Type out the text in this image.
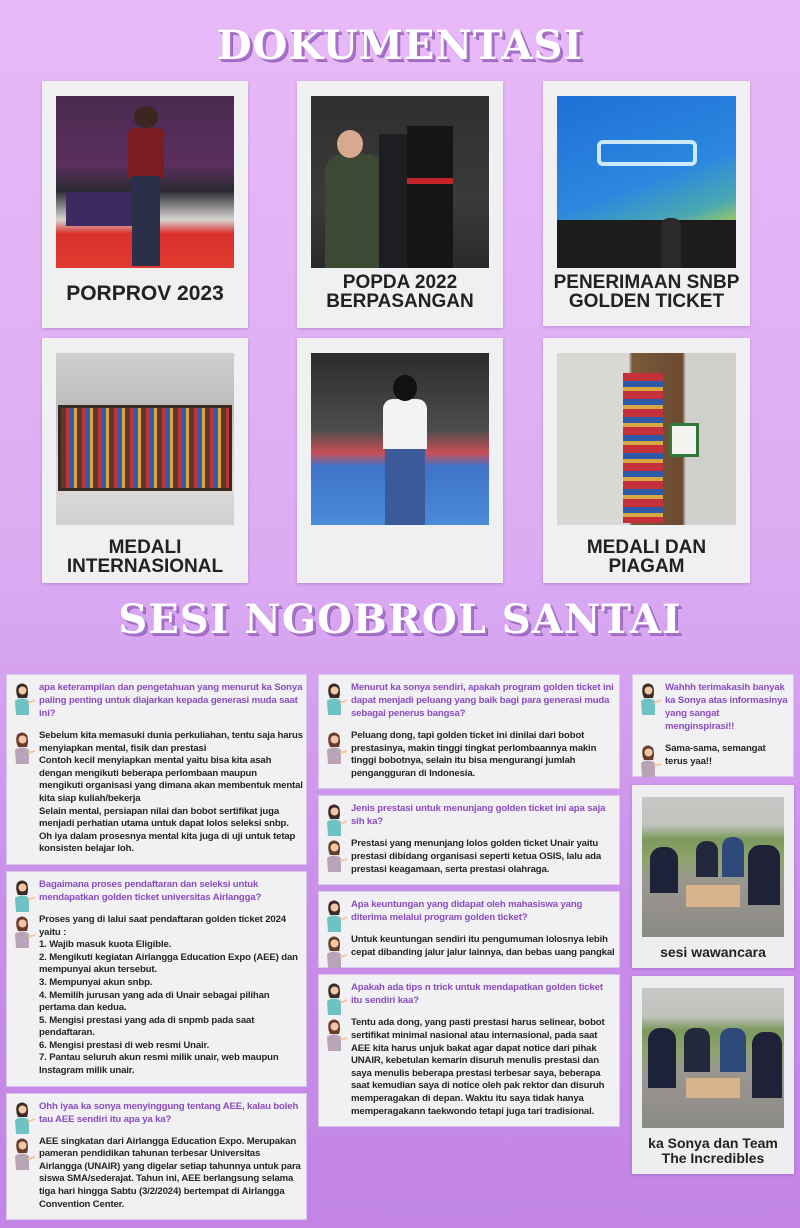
DOKUMENTASI
PORPROV 2023	POPDA 2022
BERPASANGAN
PENERIMAAN SNBP
GOLDEN TICKET
MEDALI
INTERNASIONAL
MEDALI DAN
PIAGAM
SESI NGOBROL SANTAI
apa keterampilan dan pengetahuan yang menurut ka Sonya paling penting untuk diajarkan kepada generasi muda saat ini?
Sebelum kita memasuki dunia perkuliahan, tentu saja harus menyiapkan mental, fisik dan prestasi
Contoh kecil menyiapkan mental yaitu bisa kita asah dengan mengikuti beberapa perlombaan maupun mengikuti organisasi yang dimana akan membentuk mental kita siap kuliah/bekerja
Selain mental, persiapan nilai dan bobot sertifikat juga menjadi perhatian utama untuk dapat lolos seleksi snbp. Oh iya dalam prosesnya mental kita juga di uji untuk tetap konsisten belajar loh.
Bagaimana proses pendaftaran dan seleksi untuk mendapatkan golden ticket universitas Airlangga?
Proses yang di lalui saat pendaftaran golden ticket 2024 yaitu :
1. Wajib masuk kuota Eligible.
2. Mengikuti kegiatan Airlangga Education Expo (AEE) dan mempunyai akun tersebut.
3. Mempunyai akun snbp.
4. Memilih jurusan yang ada di Unair sebagai pilihan pertama dan kedua.
5. Mengisi prestasi yang ada di snpmb pada saat pendaftaran.
6. Mengisi prestasi di web resmi Unair.
7. Pantau seluruh akun resmi milik unair, web maupun Instagram milik unair.
Ohh iyaa ka sonya menyinggung tentang AEE, kalau boleh tau AEE sendiri itu apa ya ka?
AEE singkatan dari Airlangga Education Expo. Merupakan pameran pendidikan tahunan terbesar Universitas Airlangga (UNAIR) yang digelar setiap tahunnya untuk para siswa SMA/sederajat. Tahun ini, AEE berlangsung selama tiga hari hingga Sabtu (3/2/2024) bertempat di Airlangga Convention Center.
Menurut ka sonya sendiri, apakah program golden ticket ini dapat menjadi peluang yang baik bagi para generasi muda sebagai penerus bangsa?
Peluang dong, tapi golden ticket ini dinilai dari bobot prestasinya, makin tinggi tingkat perlombaannya makin tinggi bobotnya, selain itu bisa mengurangi jumlah pengangguran di Indonesia.
Jenis prestasi untuk menunjang golden ticket ini apa saja sih ka?
Prestasi yang menunjang lolos golden ticket Unair yaitu prestasi dibidang organisasi seperti ketua OSIS, lalu ada prestasi keagamaan, serta prestasi olahraga.
Apa keuntungan yang didapat oleh mahasiswa yang diterima melalui program golden ticket?
Untuk keuntungan sendiri itu pengumuman lolosnya lebih cepat dibanding jalur jalur lainnya, dan bebas uang pangkal
Apakah ada tips n trick untuk mendapatkan golden ticket itu sendiri kaa?
Tentu ada dong, yang pasti prestasi harus selinear, bobot sertifikat minimal nasional atau internasional, pada saat AEE kita harus unjuk bakat agar dapat notice dari pihak UNAIR, kebetulan kemarin disuruh menulis prestasi dan saya menulis beberapa prestasi terbesar saya, beberapa saat kemudian saya di notice oleh pak rektor dan disuruh memperagakan di depan. Waktu itu saya tidak hanya memperagakann taekwondo tetapi juga tari tradisional.
Wahhh terimakasih banyak ka Sonya atas informasinya yang sangat menginspirasi!!
Sama-sama, semangat terus yaa!!
sesi wawancara
ka Sonya dan Team
The Incredibles
